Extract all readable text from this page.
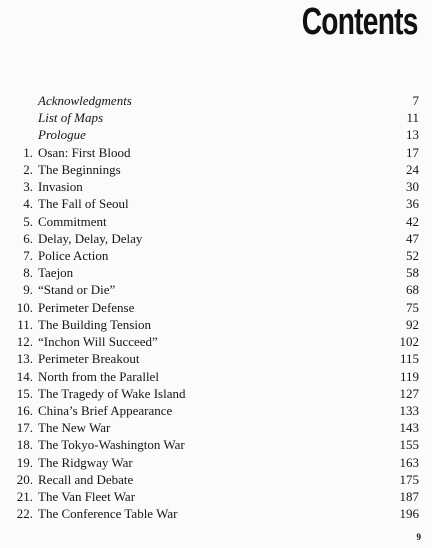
Contents
Acknowledgments	7
List of Maps	11
Prologue	13
1. Osan: First Blood	17
2. The Beginnings	24
3. Invasion	30
4. The Fall of Seoul	36
5. Commitment	42
6. Delay, Delay, Delay	47
7. Police Action	52
8. Taejon	58
9. “Stand or Die”	68
10. Perimeter Defense	75
11. The Building Tension	92
12. “Inchon Will Succeed”	102
13. Perimeter Breakout	115
14. North from the Parallel	119
15. The Tragedy of Wake Island	127
16. China’s Brief Appearance	133
17. The New War	143
18. The Tokyo-Washington War	155
19. The Ridgway War	163
20. Recall and Debate	175
21. The Van Fleet War	187
22. The Conference Table War	196
9
